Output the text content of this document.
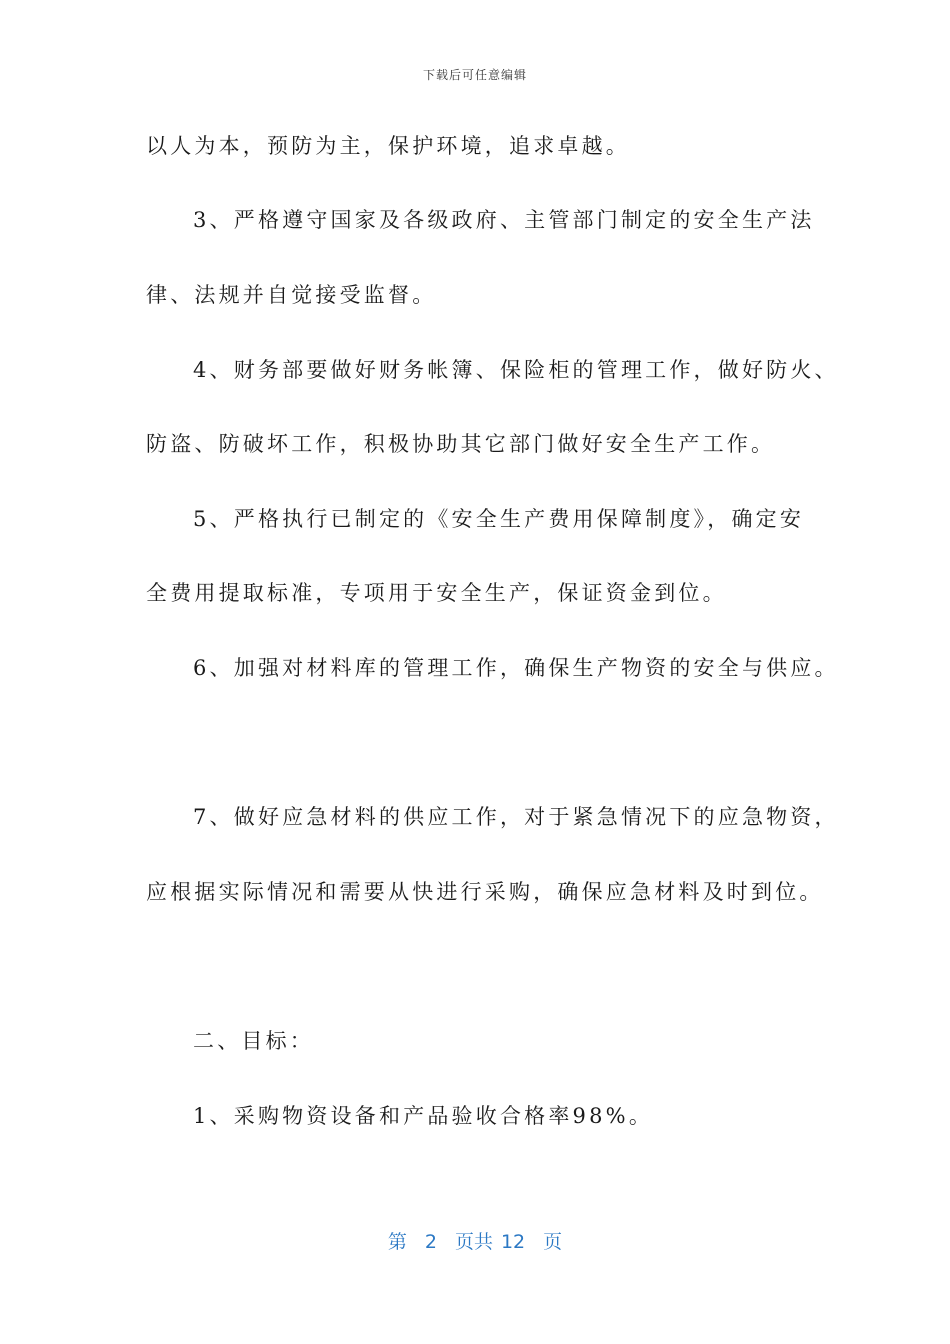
下载后可任意编辑
以人为本，预防为主，保护环境，追求卓越。
3、严格遵守国家及各级政府、主管部门制定的安全生产法
律、法规并自觉接受监督。
4、财务部要做好财务帐簿、保险柜的管理工作，做好防火、
防盗、防破坏工作，积极协助其它部门做好安全生产工作。
5、严格执行已制定的《安全生产费用保障制度》，确定安
全费用提取标准，专项用于安全生产，保证资金到位。
6、加强对材料库的管理工作，确保生产物资的安全与供应。
7、做好应急材料的供应工作，对于紧急情况下的应急物资，
应根据实际情况和需要从快进行采购，确保应急材料及时到位。
二、目标：
1、采购物资设备和产品验收合格率98%。
第 2 页共 12 页
